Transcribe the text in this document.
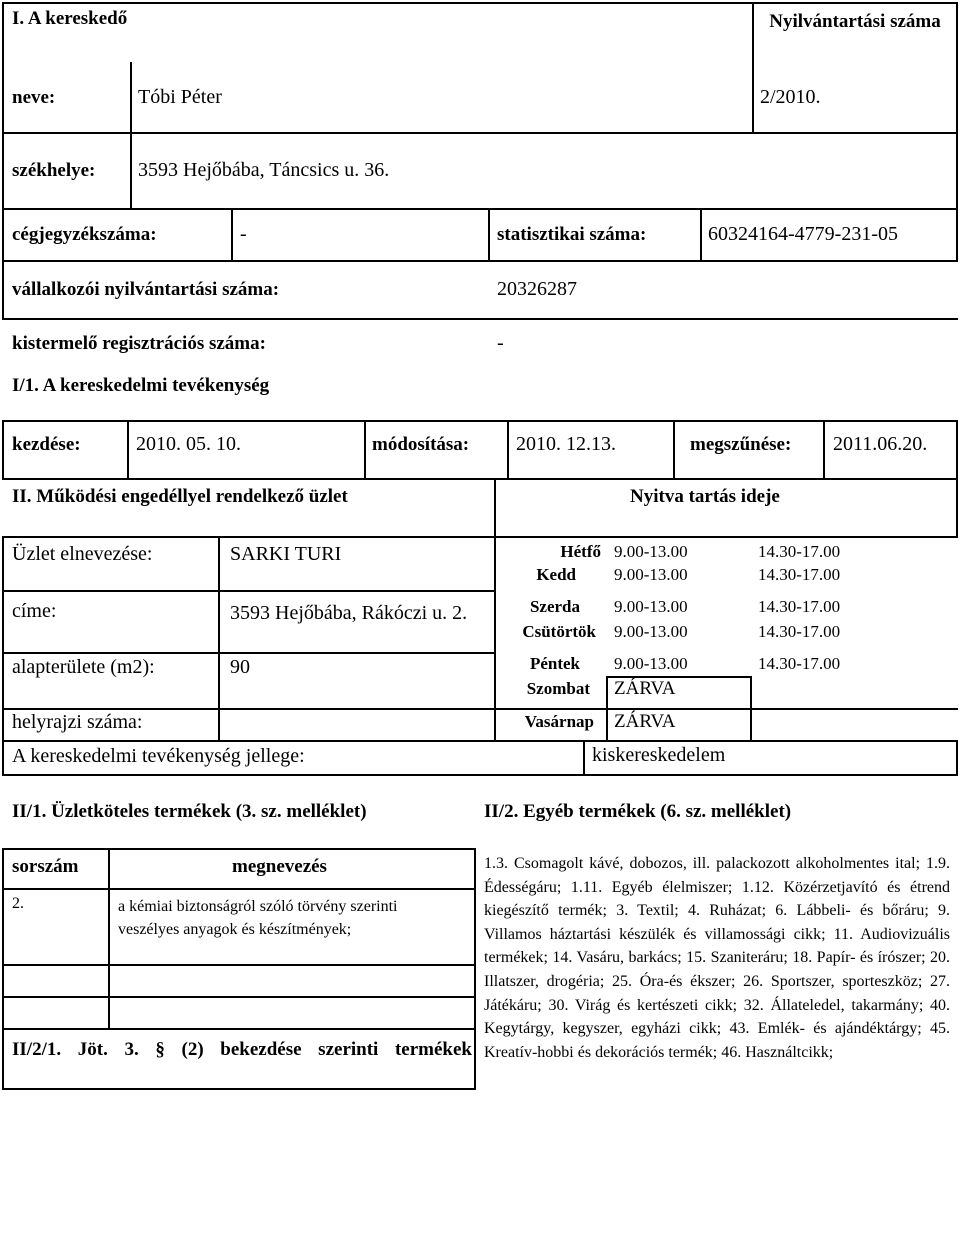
I. A kereskedő	Nyilvántartási száma
neve:	Tóbi Péter	2/2010.
székhelye: 3593 Hejőbába, Táncsics u. 36.
cégjegyzékszáma:	-	statisztikai száma:	60324164-4779-231-05
vállalkozói nyilvántartási száma:	20326287
kistermelő regisztrációs száma:	-
I/1. A kereskedelmi tevékenység
kezdése:	2010. 05. 10.	módosítása: 2010. 12.13.	megszűnése: 2011.06.20.
II. Működési engedéllyel rendelkező üzlet	Nyitva tartás ideje
Üzlet elnevezése:	SARKI TURI
címe:	3593 Hejőbába, Rákóczi u. 2.
alapterülete (m2):	90
helyrajzi száma:
A kereskedelmi tevékenység jellege:	kiskereskedelem
Hétfő 9.00-13.00	14.30-17.00
Kedd 9.00-13.00	14.30-17.00
Szerda 9.00-13.00	14.30-17.00
Csütörtök 9.00-13.00	14.30-17.00
Péntek 9.00-13.00	14.30-17.00
Szombat ZÁRVA
Vasárnap ZÁRVA
II/1. Üzletköteles termékek (3. sz. melléklet)	II/2. Egyéb termékek (6. sz. melléklet)
sorszám	megnevezés
2.	a kémiai biztonságról szóló törvény szerinti veszélyes anyagok és készítmények;
II/2/1. Jöt. 3. § (2) bekezdése szerinti termékek
1.3. Csomagolt kávé, dobozos, ill. palackozott alkoholmentes ital; 1.9. Édességáru; 1.11. Egyéb élelmiszer; 1.12. Közérzetjavító és étrend kiegészítő termék; 3. Textil; 4. Ruházat; 6. Lábbeli- és bőráru; 9. Villamos háztartási készülék és villamossági cikk; 11. Audiovizuális termékek; 14. Vasáru, barkács; 15. Szaniteráru; 18. Papír- és írószer; 20. Illatszer, drogéria; 25. Óra-és ékszer; 26. Sportszer, sporteszköz; 27. Játékáru; 30. Virág és kertészeti cikk; 32. Állateledel, takarmány; 40. Kegytárgy, kegyszer, egyházi cikk; 43. Emlék- és ajándéktárgy; 45. Kreatív-hobbi és dekorációs termék; 46. Használtcikk;
